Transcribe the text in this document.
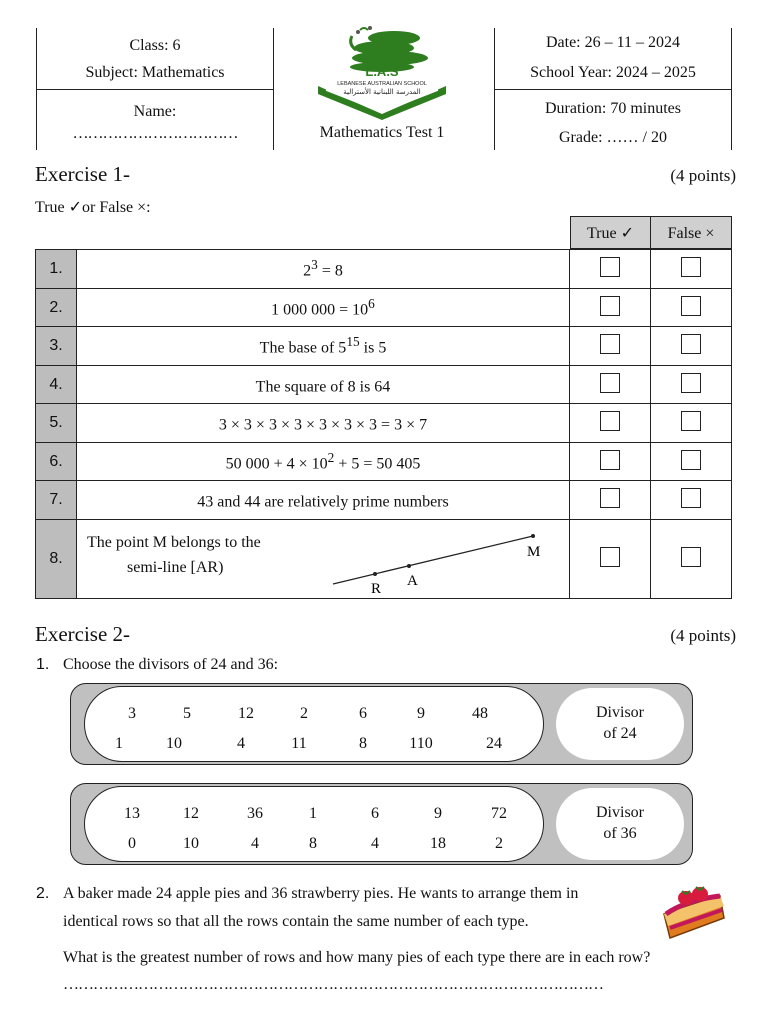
Class: 6
Subject: Mathematics
Name:
……………………………
L.A.S
LEBANESE AUSTRALIAN SCHOOL
المدرسة اللبنانية الأسترالية
Mathematics Test 1
Date: 26 – 11 – 2024
School Year: 2024 – 2025
Duration: 70 minutes
Grade: …… / 20
Exercise 1-	(4 points)
True ✓or False ×:
True ✓	False ×
1.	$2^3 = 8$		
2.	1 000 $000 = 10^6$		
3.	The base of $5^{15}$ is 5		
4.	The square of 8 is 64		
5.	3 × 3 × 3 × 3 × 3 × 3 × 3 = 3 × 7		
6.	50 $000 + 4 \times 10^2 + 5 = 50$ 405		
7.	43 and 44 are relatively prime numbers		
8.	The point M belongs to the
semi-line [AR)
R A
M		

Exercise 2-	(4 points)
1. Choose the divisors of 24 and 36:
3	5	12	2	6	9	48
1	10	4	11	8	110	24
Divisor
of 24
13	12	36	1	6	9	72
0	10	4	8	4	18	2
Divisor
of 36
2. A baker made 24 apple pies and 36 strawberry pies. He wants to arrange them in
identical rows so that all the rows contain the same number of each type.
What is the greatest number of rows and how many pies of each type there are in each row?
………………………………………………………………………………………………
